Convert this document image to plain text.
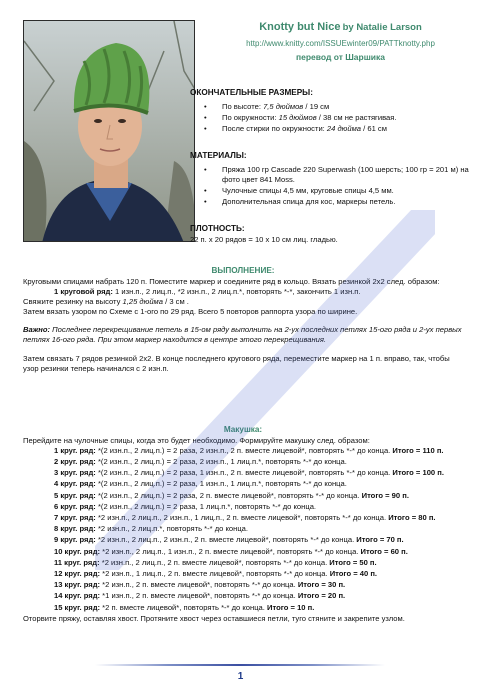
Knotty but Nice by Natalie Larson
http://www.knitty.com/ISSUEwinter09/PATTknotty.php
перевод от Шаршика
ОКОНЧАТЕЛЬНЫЕ РАЗМЕРЫ:
• По высоте: 7,5 дюймов / 19 см
• По окружности: 15 дюймов / 38 см не растягивая.
• После стирки по окружности: 24 дюйма / 61 см
МАТЕРИАЛЫ:
• Пряжа 100 гр Cascade 220 Superwash (100 шерсть; 100 гр = 201 м) на фото цвет 841 Moss.
• Чулочные спицы 4,5 мм, круговые спицы 4,5 мм.
• Дополнительная спица для кос, маркеры петель.
ПЛОТНОСТЬ:
22 п. х 20 рядов = 10 х 10 см лиц. гладью.
ВЫПОЛНЕНИЕ:
Круговыми спицами набрать 120 п. Поместите маркер и соедините ряд в кольцо. Вязать резинкой 2х2 след. образом:
1 круговой ряд: 1 изн.п., 2 лиц.п., *2 изн.п., 2 лиц.п.*, повторять *-*, закончить 1 изн.п.
Свяжите резинку на высоту 1,25 дюйма / 3 см .
Затем вязать узором по Схеме с 1-ого по 29 ряд. Всего 5 повторов раппорта узора по ширине.
Важно: Последнее перекрещивание петель в 15-ом ряду выполнить на 2-ух последних петлях 15-ого ряда и 2-ух первых петлях 16-ого ряда. При этом маркер находится в центре этого перекрещивания.
Затем связать 7 рядов резинкой 2х2. В конце последнего кругового ряда, переместите маркер на 1 п. вправо, так, чтобы узор резинки теперь начинался с 2 изн.п.
Макушка:
Перейдите на чулочные спицы, когда это будет необходимо. Формируйте макушку след. образом:
1 круг. ряд: *(2 изн.п., 2 лиц.п.) = 2 раза, 2 изн.п., 2 п. вместе лицевой*, повторять *-* до конца. Итого = 110 п.
2 круг. ряд: *(2 изн.п., 2 лиц.п.) = 2 раза, 2 изн.п., 1 лиц.п.*, повторять *-* до конца.
3 круг. ряд: *(2 изн.п., 2 лиц.п.) = 2 раза, 1 изн.п., 2 п. вместе лицевой*, повторять *-* до конца. Итого = 100 п.
4 круг. ряд: *(2 изн.п., 2 лиц.п.) = 2 раза, 1 изн.п., 1 лиц.п.*, повторять *-* до конца.
5 круг. ряд: *(2 изн.п., 2 лиц.п.) = 2 раза, 2 п. вместе лицевой*, повторять *-* до конца. Итого = 90 п.
6 круг. ряд: *(2 изн.п., 2 лиц.п.) = 2 раза, 1 лиц.п.*, повторять *-* до конца.
7 круг. ряд: *2 изн.п., 2 лиц.п., 2 изн.п., 1 лиц.п., 2 п. вместе лицевой*, повторять *-* до конца. Итого = 80 п.
8 круг. ряд: *2 изн.п., 2 лиц.п.*, повторять *-* до конца.
9 круг. ряд: *2 изн.п., 2 лиц.п., 2 изн.п., 2 п. вместе лицевой*, повторять *-* до конца. Итого = 70 п.
10 круг. ряд: *2 изн.п., 2 лиц.п., 1 изн.п., 2 п. вместе лицевой*, повторять *-* до конца. Итого = 60 п.
11 круг. ряд: *2 изн.п., 2 лиц.п., 2 п. вместе лицевой*, повторять *-* до конца. Итого = 50 п.
12 круг. ряд: *2 изн.п., 1 лиц.п., 2 п. вместе лицевой*, повторять *-* до конца. Итого = 40 п.
13 круг. ряд: *2 изн.п., 2 п. вместе лицевой*, повторять *-* до конца. Итого = 30 п.
14 круг. ряд: *1 изн.п., 2 п. вместе лицевой*, повторять *-* до конца. Итого = 20 п.
15 круг. ряд: *2 п. вместе лицевой*, повторять *-* до конца. Итого = 10 п.
Оторвите пряжу, оставляя хвост. Протяните хвост через оставшиеся петли, туго стяните и закрепите узлом.
1
